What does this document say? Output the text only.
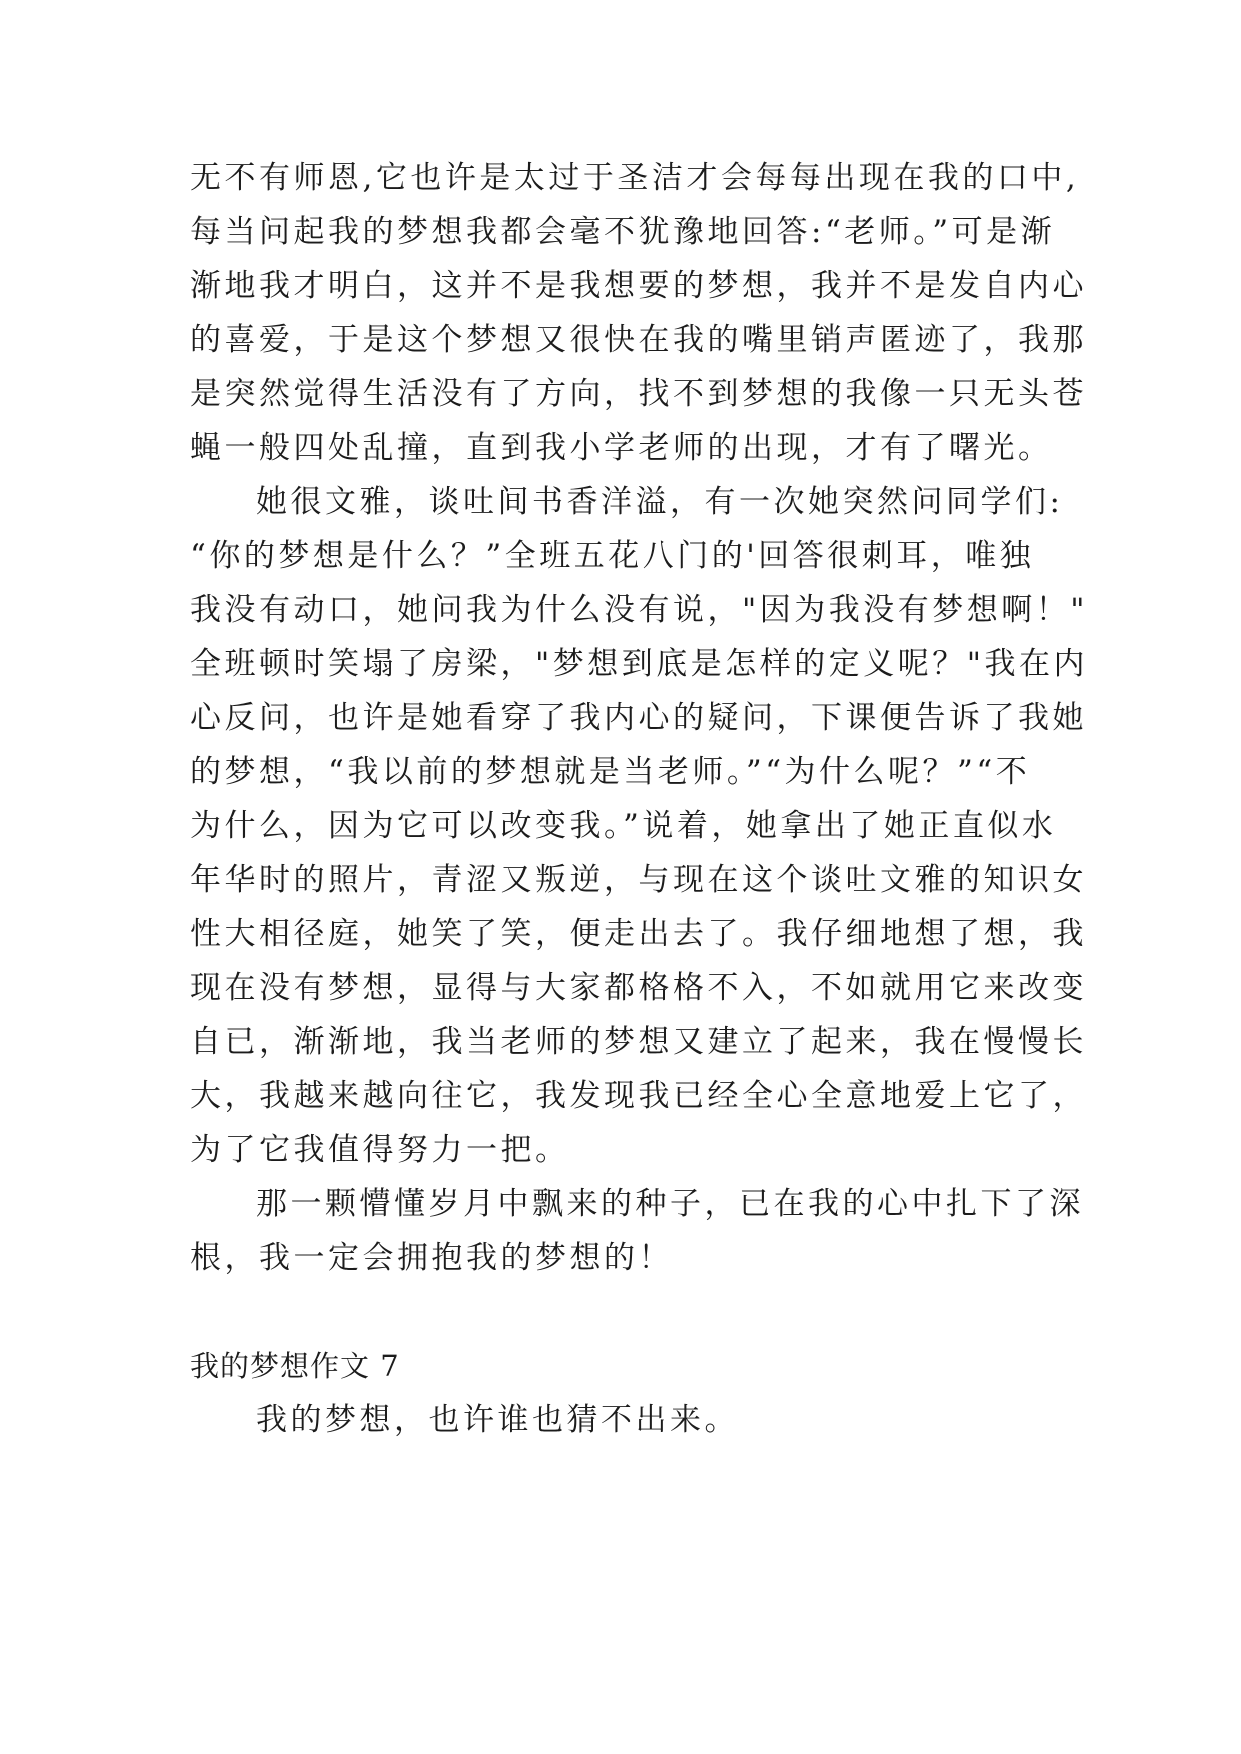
无不有师恩,它也许是太过于圣洁才会每每出现在我的口中,
每当问起我的梦想我都会毫不犹豫地回答:“老师。”可是渐
渐地我才明白，这并不是我想要的梦想，我并不是发自内心
的喜爱，于是这个梦想又很快在我的嘴里销声匿迹了，我那
是突然觉得生活没有了方向，找不到梦想的我像一只无头苍
蝇一般四处乱撞，直到我小学老师的出现，才有了曙光。
她很文雅，谈吐间书香洋溢，有一次她突然问同学们:
“你的梦想是什么？”全班五花八门的'回答很刺耳，唯独
我没有动口，她问我为什么没有说，"因为我没有梦想啊！"
全班顿时笑塌了房梁，"梦想到底是怎样的定义呢？"我在内
心反问，也许是她看穿了我内心的疑问，下课便告诉了我她
的梦想，“我以前的梦想就是当老师。”“为什么呢？”“不
为什么，因为它可以改变我。”说着，她拿出了她正直似水
年华时的照片，青涩又叛逆，与现在这个谈吐文雅的知识女
性大相径庭，她笑了笑，便走出去了。我仔细地想了想，我
现在没有梦想，显得与大家都格格不入，不如就用它来改变
自已，渐渐地，我当老师的梦想又建立了起来，我在慢慢长
大，我越来越向往它，我发现我已经全心全意地爱上它了，
为了它我值得努力一把。
那一颗懵懂岁月中飘来的种子，已在我的心中扎下了深
根，我一定会拥抱我的梦想的！
我的梦想作文 7
我的梦想，也许谁也猜不出来。
